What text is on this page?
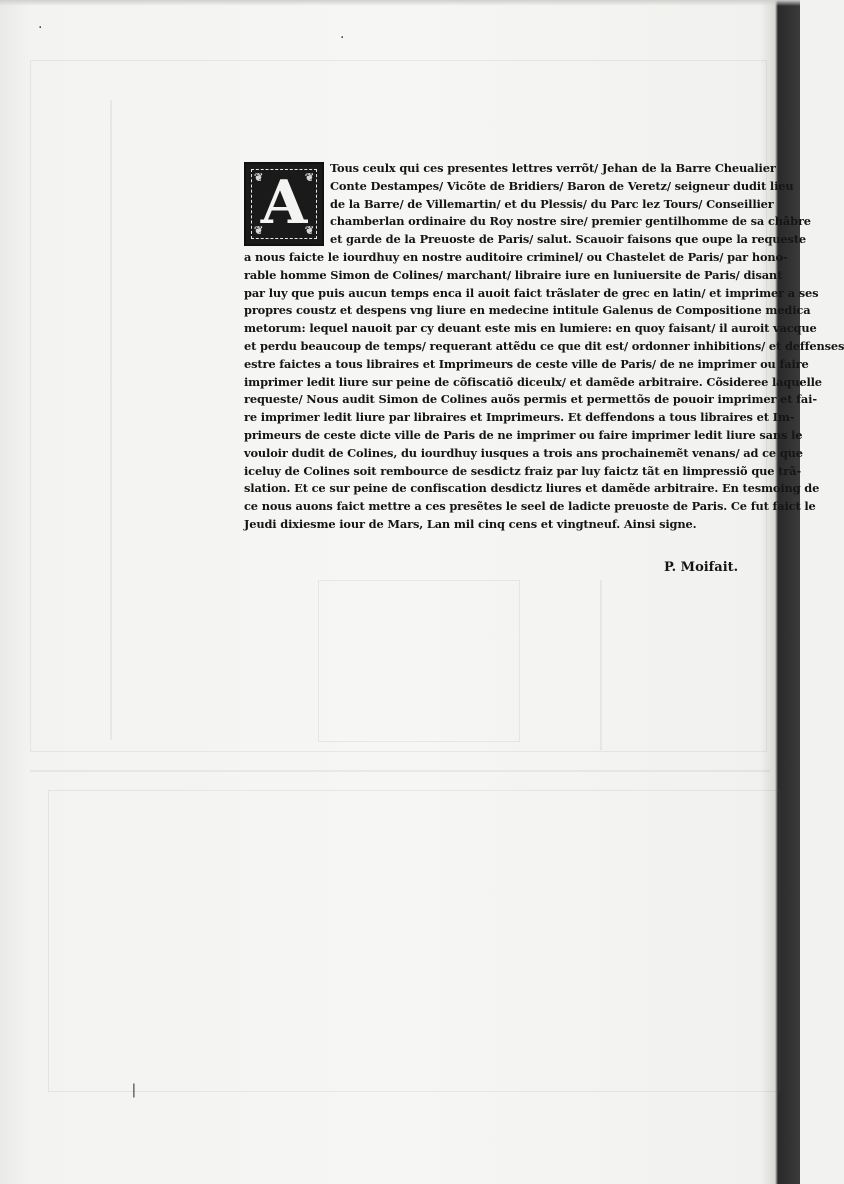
❦	❦
❦	❦
A	Tous ceulx qui ces presentes lettres verrõt/ Jehan de la Barre Cheualier
Conte Destampes/ Vicõte de Bridiers/ Baron de Veretz/ seigneur dudit lieu
de la Barre/ de Villemartin/ et du Plessis/ du Parc lez Tours/ Conseillier
chamberlan ordinaire du Roy nostre sire/ premier gentilhomme de sa châbre
et garde de la Preuoste de Paris/ salut. Scauoir faisons que oupe la requeste
a nous faicte le iourdhuy en nostre auditoire criminel/ ou Chastelet de Paris/ par hono-
rable homme Simon de Colines/ marchant/ libraire iure en luniuersite de Paris/ disant
par luy que puis aucun temps enca il auoit faict trãslater de grec en latin/ et imprimer a ses
propres coustz et despens vng liure en medecine intitule Galenus de Compositione medica
metorum: lequel nauoit par cy deuant este mis en lumiere: en quoy faisant/ il auroit vacque
et perdu beaucoup de temps/ requerant attẽdu ce que dit est/ ordonner inhibitions/ et deffenses
estre faictes a tous libraires et Imprimeurs de ceste ville de Paris/ de ne imprimer ou faire
imprimer ledit liure sur peine de cõfiscatiõ diceulx/ et damẽde arbitraire. Cõsideree laquelle
requeste/ Nous audit Simon de Colines auõs permis et permettõs de pouoir imprimer et fai-
re imprimer ledit liure par libraires et Imprimeurs. Et deffendons a tous libraires et Im-
primeurs de ceste dicte ville de Paris de ne imprimer ou faire imprimer ledit liure sans le
vouloir dudit de Colines, du iourdhuy iusques a trois ans prochainemẽt venans/ ad ce que
iceluy de Colines soit rembource de sesdictz fraiz par luy faictz tãt en limpressiõ que trã-
slation. Et ce sur peine de confiscation desdictz liures et damẽde arbitraire. En tesmoing de
ce nous auons faict mettre a ces presẽtes le seel de ladicte preuoste de Paris. Ce fut faict le
Jeudi dixiesme iour de Mars, Lan mil cinq cens et vingtneuf. Ainsi signe.
P. Moifait.
·
·
❘
